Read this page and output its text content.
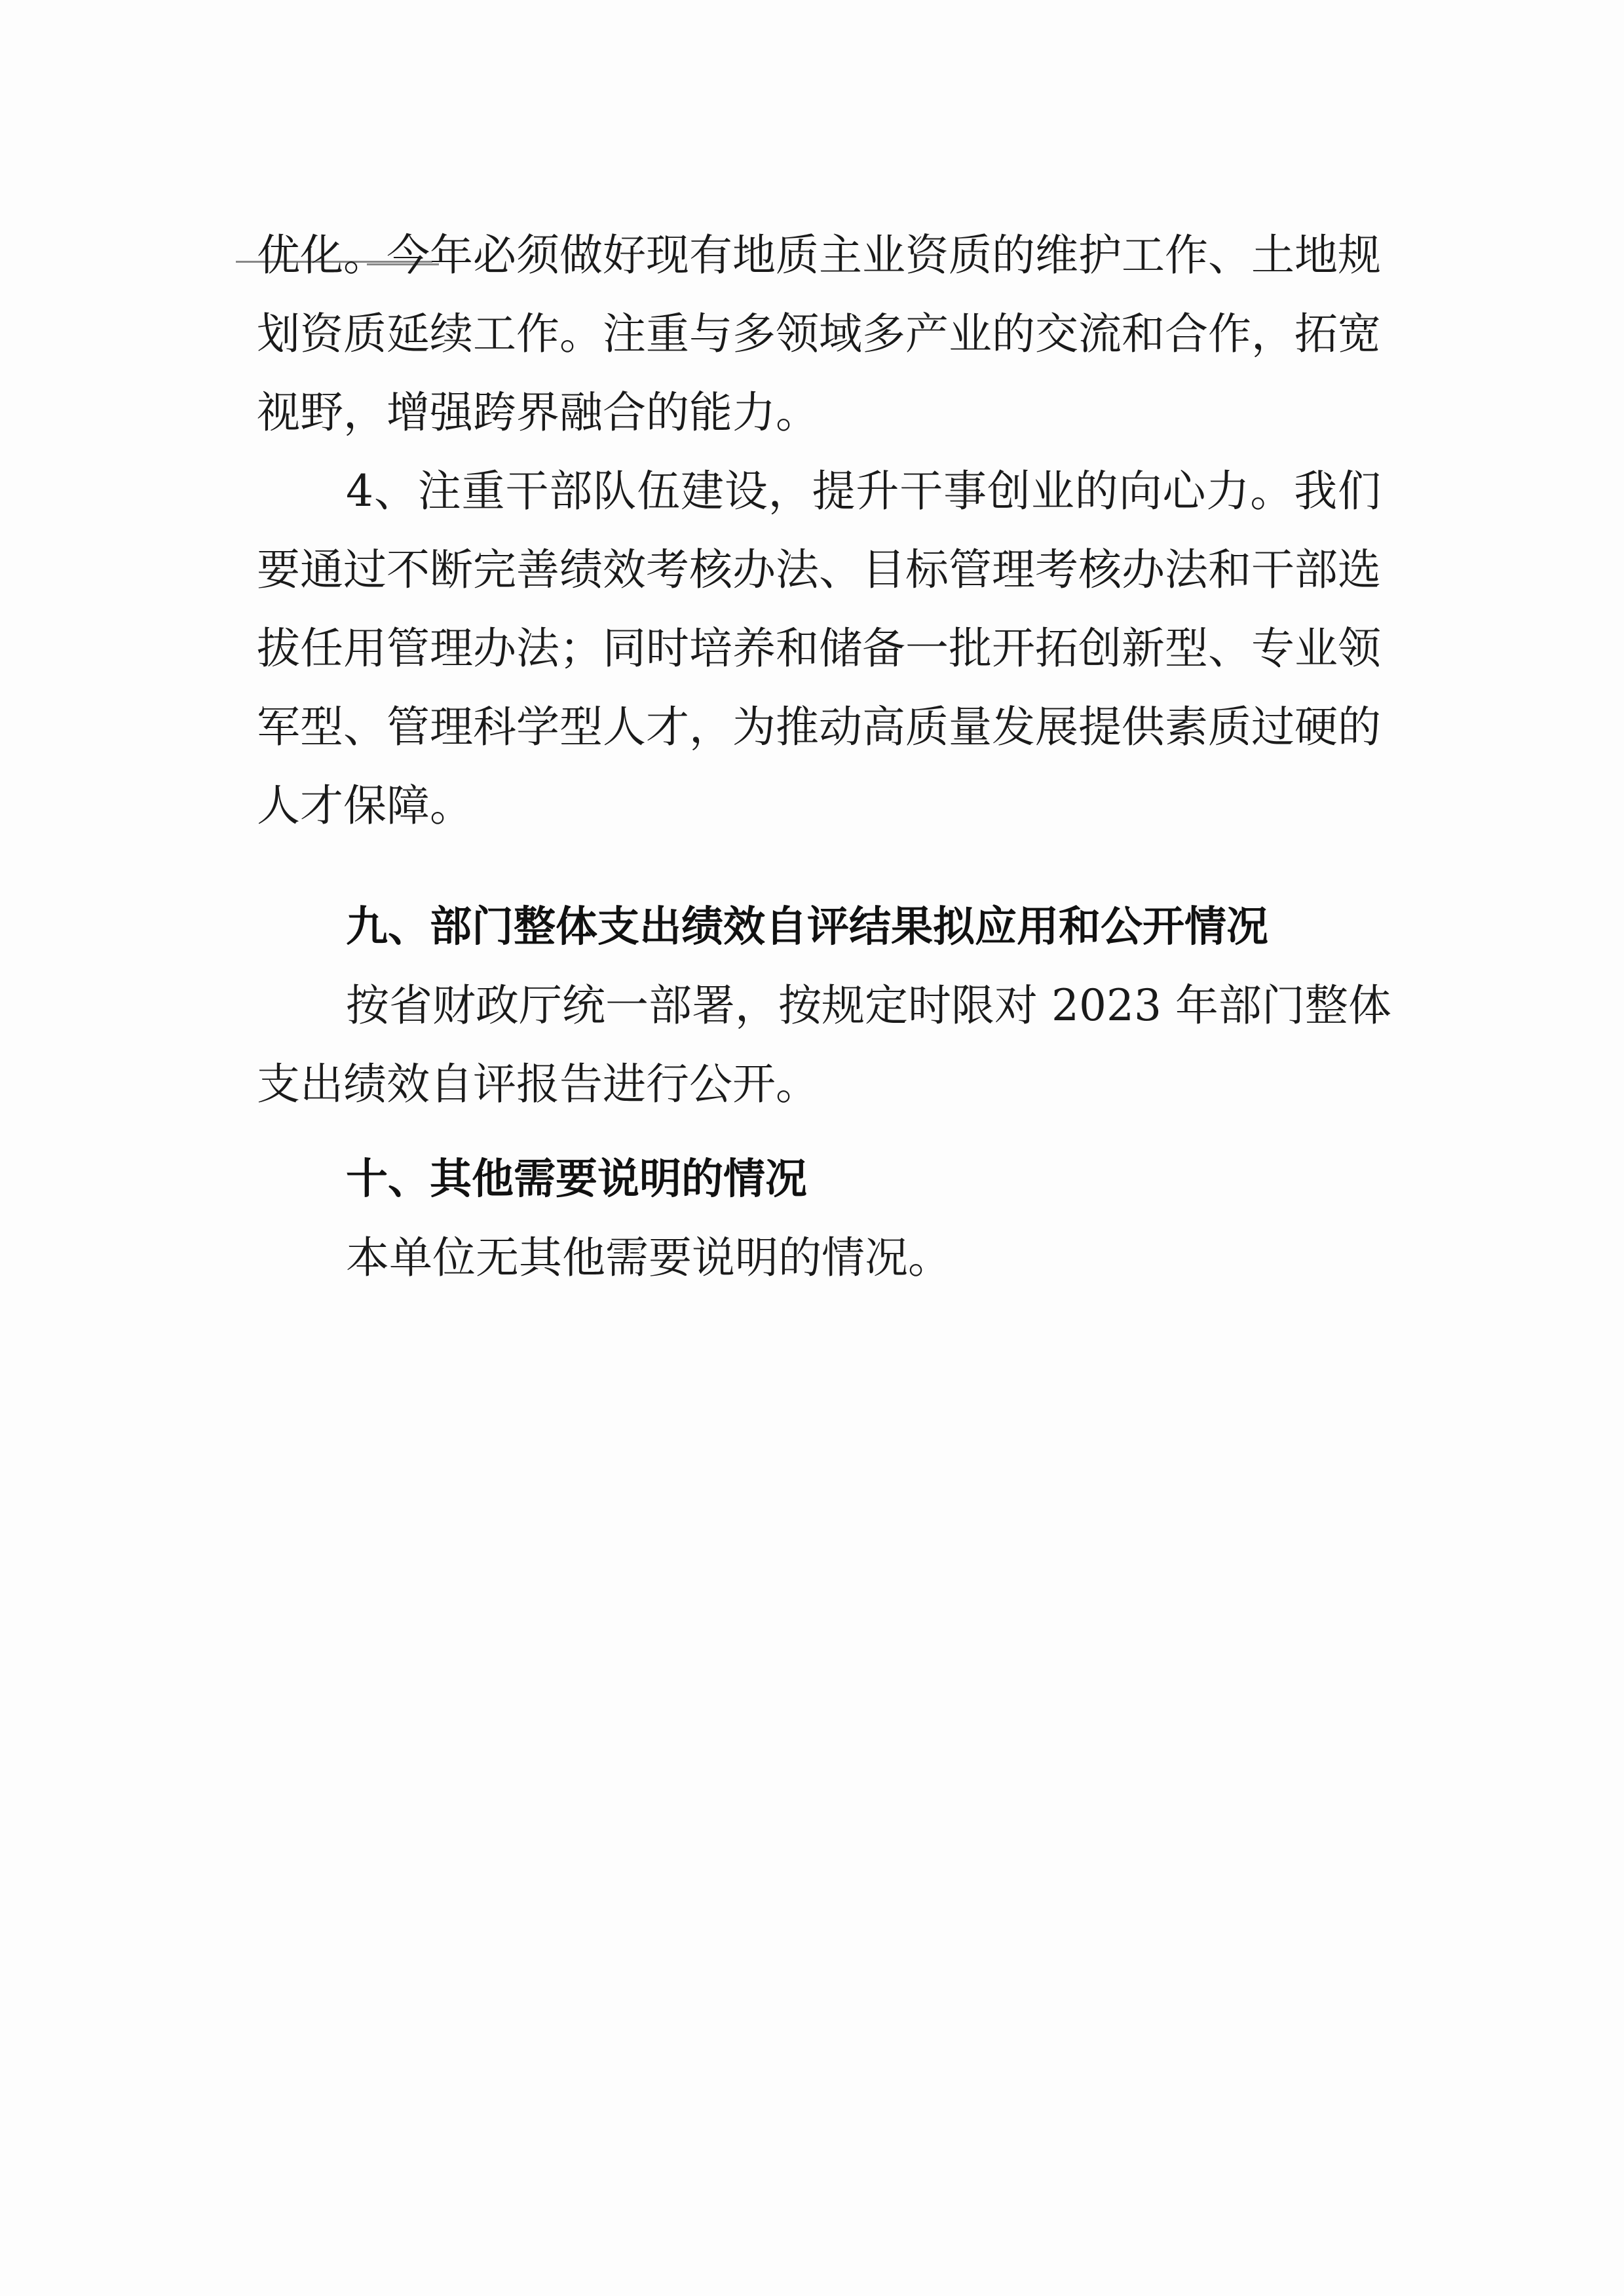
优化。今年必须做好现有地质主业资质的维护工作、土地规
划资质延续工作。注重与多领域多产业的交流和合作，拓宽
视野，增强跨界融合的能力。
4、注重干部队伍建设，提升干事创业的向心力。我们
要通过不断完善绩效考核办法、目标管理考核办法和干部选
拔任用管理办法；同时培养和储备一批开拓创新型、专业领
军型、管理科学型人才，为推动高质量发展提供素质过硬的
人才保障。
九、部门整体支出绩效自评结果拟应用和公开情况
按省财政厅统一部署，按规定时限对 2023 年部门整体
支出绩效自评报告进行公开。
十、其他需要说明的情况
本单位无其他需要说明的情况。
